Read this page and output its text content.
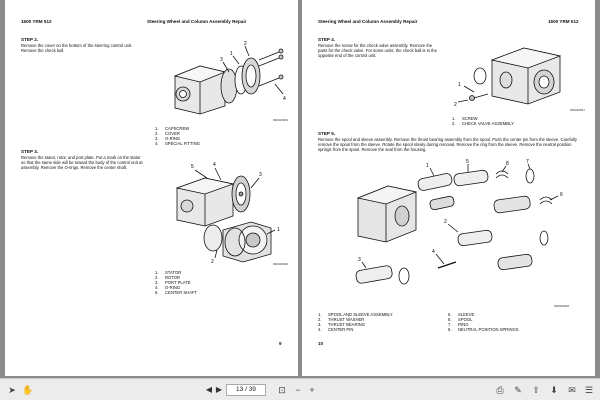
1600 YRM 512	Steering Wheel and Column Assembly Repair
STEP 2.
Remove the cover on the bottom of the steering control unit. Remove the check ball.
2
1
3
4
IM0026843
1. CAPSCREW
2. COVER
3. O-RING
4. SPECIAL FITTING
STEP 3.
Remove the stator, rotor, and port plate. Put a mark on the stator so that the same side will be toward the body of the control unit at assembly. Remove the O-rings. Remove the center shaft.	5	4
3
1
2	IM0026846
1. STATOR
2. ROTOR
3. PORT PLATE
4. O-RING
5. CENTER SHAFT
9
Steering Wheel and Column Assembly Repair	1600 YRM 512
STEP 4.
Remove the screw for the check valve assembly. Remove the parts for the check valve. For some units, the check ball is in the opposite end of the control unit.
1
2
IM0026847
1. SCREW
2. CHECK VALVE ASSEMBLY
STEP 5.
Remove the spool and sleeve assembly. Remove the thrust bearing assembly from the spool. Push the center pin from the sleeve. Carefully remove the spool from the sleeve. Rotate the spool slowly during removal. Remove the ring from the sleeve. Remove the neutral position springs from the spool. Remove the seal from the housing.
1
5	8	7
6
2
3
4
IM0026848
1. SPOOL AND SLEEVE ASSEMBLY
2. THRUST WASHER
3. THRUST BEARING
4. CENTER PIN
5. SLEEVE
6. SPOOL
7. RING
8. NEUTRAL POSITION SPRINGS
10
➤ ✋	◀ ▶	13 / 39	⊡	− +	⎙ ✎ ⇪ ⬇ ✉ ☰
